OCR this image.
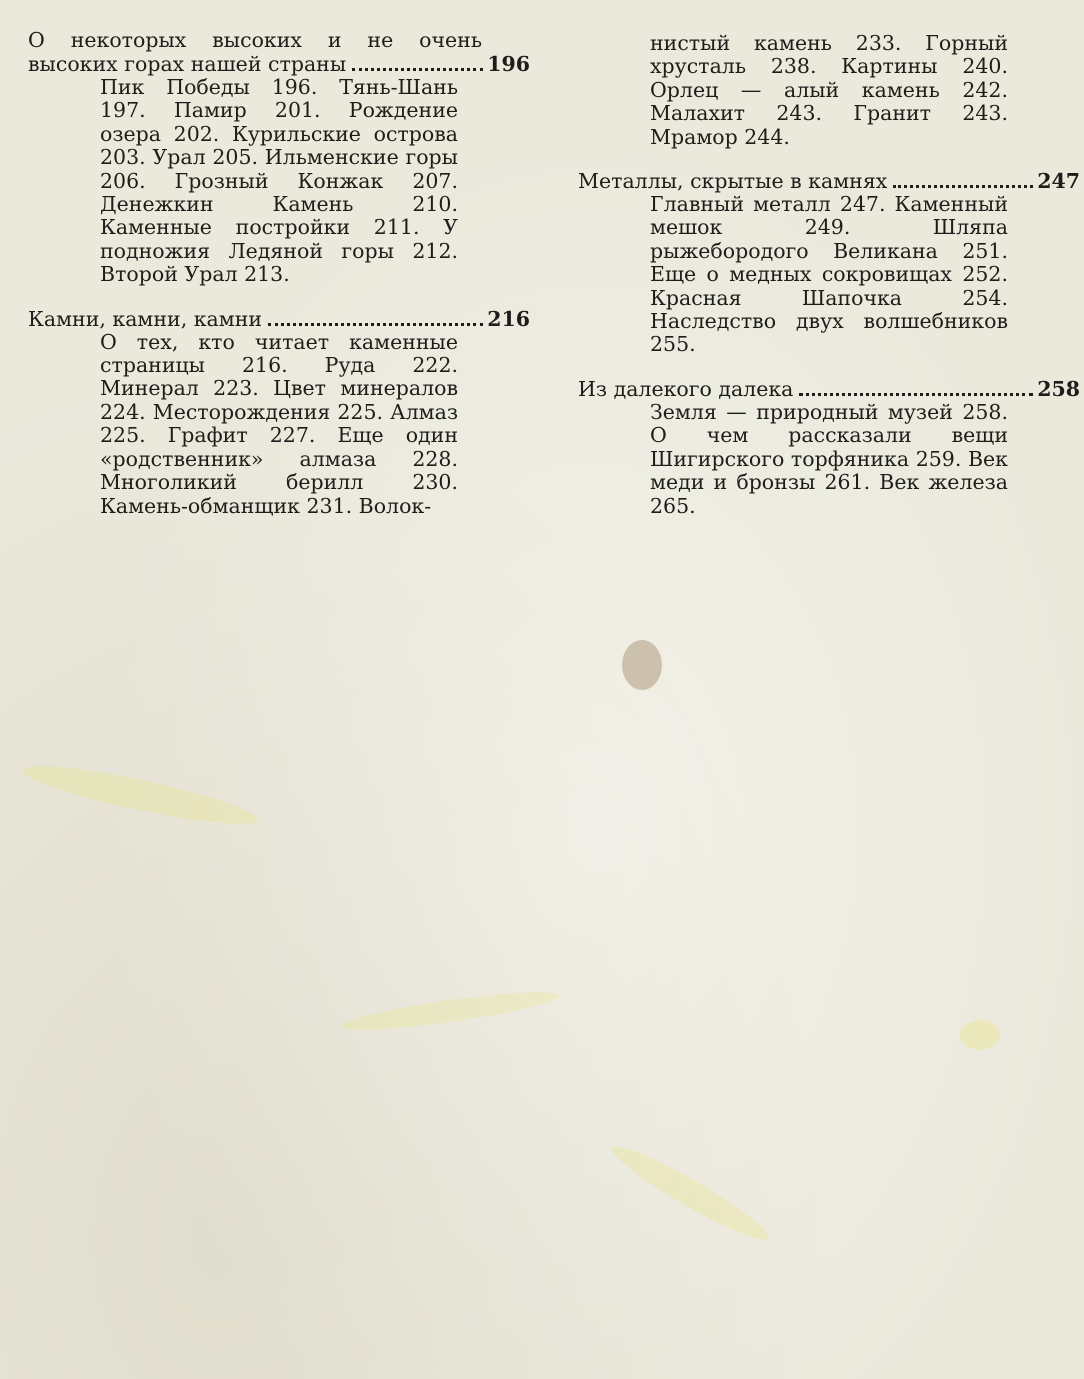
О некоторых высоких и не очень
высоких горах нашей страны	196
Пик Победы 196. Тянь-Шань 197. Памир 201. Рождение озера 202. Курильские острова 203. Урал 205. Ильменские горы 206. Грозный Конжак 207. Денежкин Камень 210. Каменные постройки 211. У подножия Ледяной горы 212. Второй Урал 213.
Камни, камни, камни	216
О тех, кто читает каменные страницы 216. Руда 222. Минерал 223. Цвет минералов 224. Месторождения 225. Алмаз 225. Графит 227. Еще один «родственник» алмаза 228. Многоликий берилл 230. Камень-обманщик 231. Волок-
нистый камень 233. Горный хрусталь 238. Картины 240. Орлец — алый камень 242. Малахит 243. Гранит 243. Мрамор 244.
Металлы, скрытые в камнях	247
Главный металл 247. Каменный мешок 249. Шляпа рыжебородого Великана 251. Еще о медных сокровищах 252. Красная Шапочка 254. Наследство двух волшебников 255.
Из далекого далека	258
Земля — природный музей 258. О чем рассказали вещи Шигирского торфяника 259. Век меди и бронзы 261. Век железа 265.
